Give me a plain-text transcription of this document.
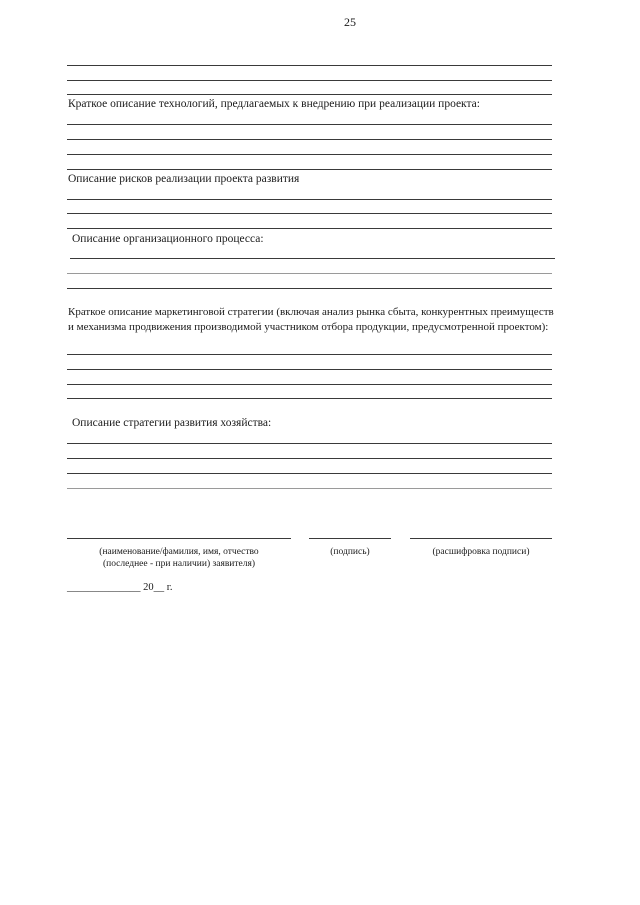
25
Краткое описание технологий, предлагаемых к внедрению при реализации проекта:
Описание рисков реализации проекта развития
Описание организационного процесса:
Краткое описание маркетинговой стратегии (включая анализ рынка сбыта, конкурентных преимуществ
и механизма продвижения производимой участником отбора продукции, предусмотренной проектом):
Описание стратегии развития хозяйства:
(наименование/фамилия, имя, отчество
(последнее - при наличии) заявителя)
(подпись)	(расшифровка подписи)
______________ 20__ г.
